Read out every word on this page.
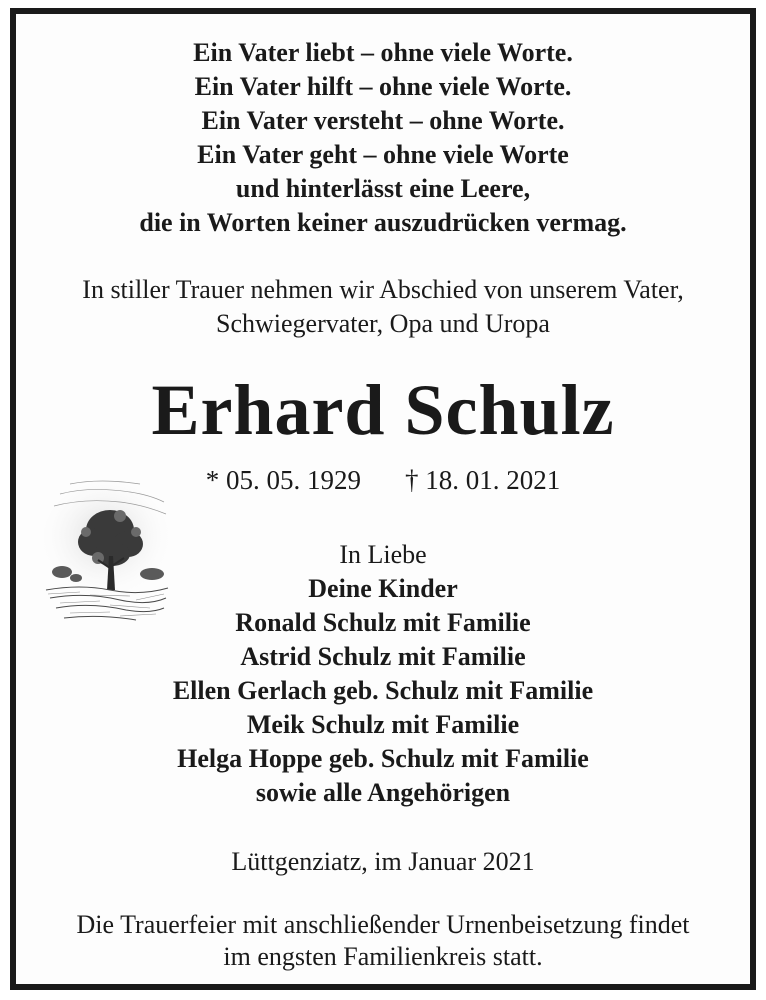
Ein Vater liebt – ohne viele Worte.
Ein Vater hilft – ohne viele Worte.
Ein Vater versteht – ohne Worte.
Ein Vater geht – ohne viele Worte
und hinterlässt eine Leere,
die in Worten keiner auszudrücken vermag.
In stiller Trauer nehmen wir Abschied von unserem Vater,
Schwiegervater, Opa und Uropa
Erhard Schulz
* 05. 05. 1929 † 18. 01. 2021
In Liebe
Deine Kinder
Ronald Schulz mit Familie
Astrid Schulz mit Familie
Ellen Gerlach geb. Schulz mit Familie
Meik Schulz mit Familie
Helga Hoppe geb. Schulz mit Familie
sowie alle Angehörigen
Lüttgenziatz, im Januar 2021
Die Trauerfeier mit anschließender Urnenbeisetzung findet
im engsten Familienkreis statt.
